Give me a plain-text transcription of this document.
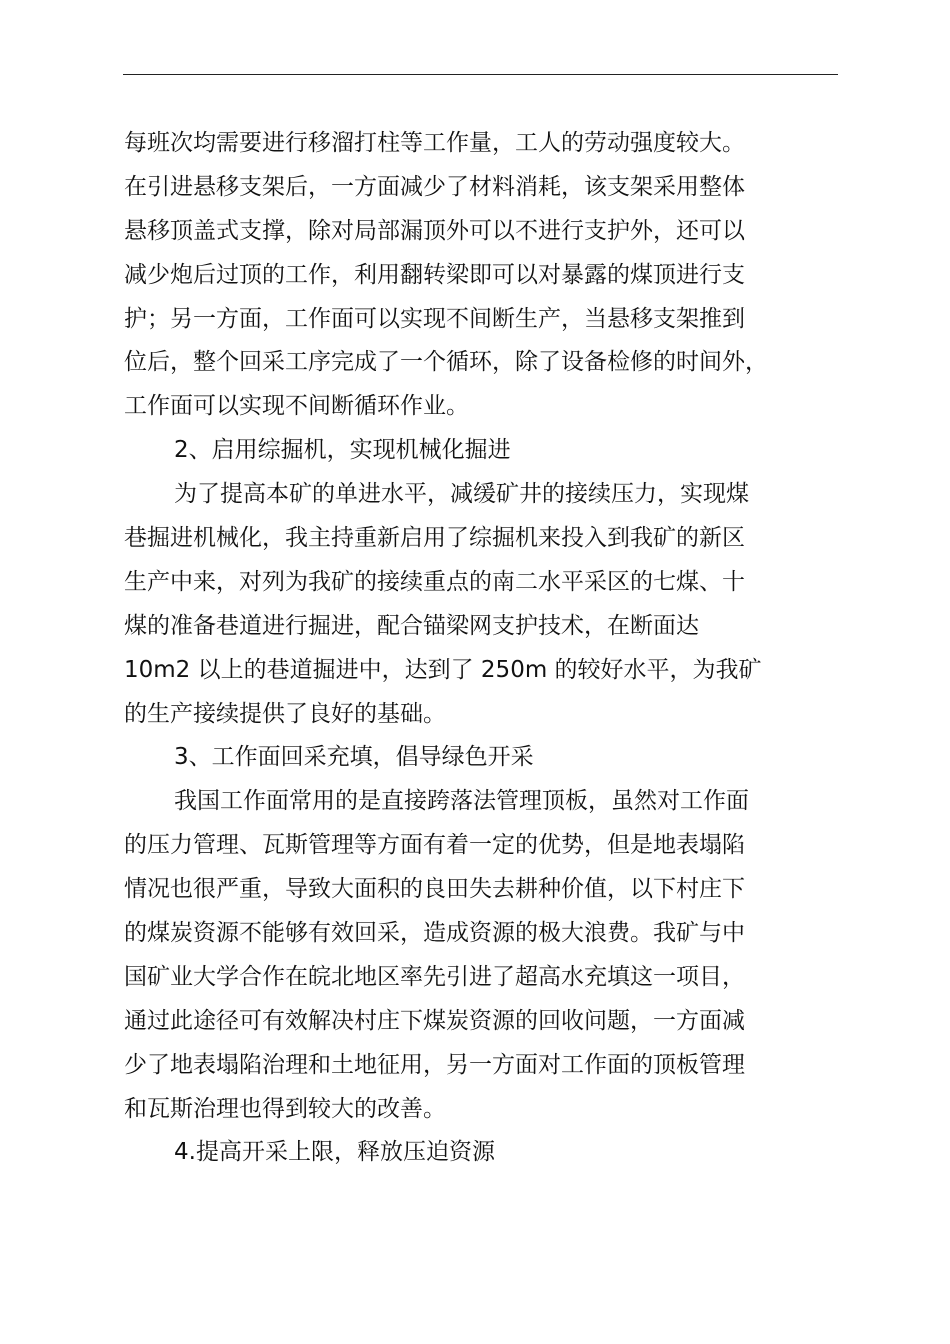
每班次均需要进行移溜打柱等工作量，工人的劳动强度较大。
在引进悬移支架后，一方面减少了材料消耗，该支架采用整体
悬移顶盖式支撑，除对局部漏顶外可以不进行支护外，还可以
减少炮后过顶的工作，利用翻转梁即可以对暴露的煤顶进行支
护；另一方面，工作面可以实现不间断生产，当悬移支架推到
位后，整个回采工序完成了一个循环，除了设备检修的时间外，
工作面可以实现不间断循环作业。
2、启用综掘机，实现机械化掘进
为了提高本矿的单进水平，减缓矿井的接续压力，实现煤
巷掘进机械化，我主持重新启用了综掘机来投入到我矿的新区
生产中来，对列为我矿的接续重点的南二水平采区的七煤、十
煤的准备巷道进行掘进，配合锚梁网支护技术，在断面达
10m2 以上的巷道掘进中，达到了 250m 的较好水平，为我矿
的生产接续提供了良好的基础。
3、工作面回采充填，倡导绿色开采
我国工作面常用的是直接跨落法管理顶板，虽然对工作面
的压力管理、瓦斯管理等方面有着一定的优势，但是地表塌陷
情况也很严重，导致大面积的良田失去耕种价值，以下村庄下
的煤炭资源不能够有效回采，造成资源的极大浪费。我矿与中
国矿业大学合作在皖北地区率先引进了超高水充填这一项目，
通过此途径可有效解决村庄下煤炭资源的回收问题，一方面减
少了地表塌陷治理和土地征用，另一方面对工作面的顶板管理
和瓦斯治理也得到较大的改善。
4.提高开采上限，释放压迫资源
